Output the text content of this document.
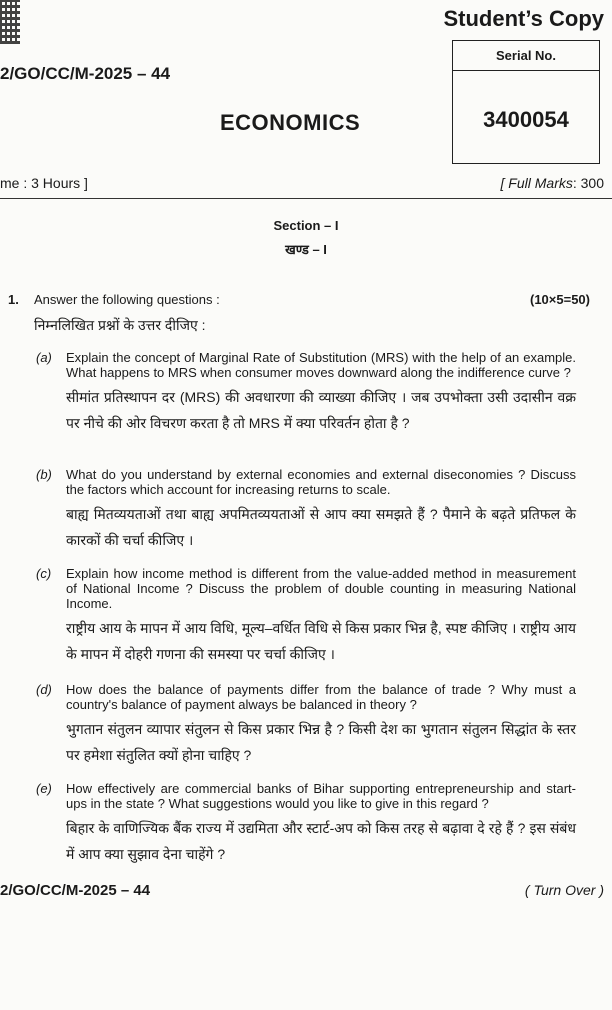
Student’s Copy
Serial No.
3400054
2/GO/CC/M-2025 – 44
ECONOMICS
me : 3 Hours ]	[ Full Marks: 300
Section – I
खण्ड – I
1. Answer the following questions :	(10×5=50)
निम्नलिखित प्रश्नों के उत्तर दीजिए :
(a) Explain the concept of Marginal Rate of Substitution (MRS) with the help of an example. What happens to MRS when consumer moves downward along the indifference curve ?
सीमांत प्रतिस्थापन दर (MRS) की अवधारणा की व्याख्या कीजिए । जब उपभोक्ता उसी उदासीन वक्र पर नीचे की ओर विचरण करता है तो MRS में क्या परिवर्तन होता है ?
(b) What do you understand by external economies and external diseconomies ? Discuss the factors which account for increasing returns to scale.
बाह्य मितव्ययताओं तथा बाह्य अपमितव्ययताओं से आप क्या समझते हैं ? पैमाने के बढ़ते प्रतिफल के कारकों की चर्चा कीजिए ।
(c) Explain how income method is different from the value-added method in measurement of National Income ? Discuss the problem of double counting in measuring National Income.
राष्ट्रीय आय के मापन में आय विधि, मूल्य–वर्धित विधि से किस प्रकार भिन्न है, स्पष्ट कीजिए । राष्ट्रीय आय के मापन में दोहरी गणना की समस्या पर चर्चा कीजिए ।
(d) How does the balance of payments differ from the balance of trade ? Why must a country's balance of payment always be balanced in theory ?
भुगतान संतुलन व्यापार संतुलन से किस प्रकार भिन्न है ? किसी देश का भुगतान संतुलन सिद्धांत के स्तर पर हमेशा संतुलित क्यों होना चाहिए ?
(e) How effectively are commercial banks of Bihar supporting entrepreneurship and start-ups in the state ? What suggestions would you like to give in this regard ?
बिहार के वाणिज्यिक बैंक राज्य में उद्यमिता और स्टार्ट-अप को किस तरह से बढ़ावा दे रहे हैं ? इस संबंध में आप क्या सुझाव देना चाहेंगे ?
2/GO/CC/M-2025 – 44	( Turn Over )
